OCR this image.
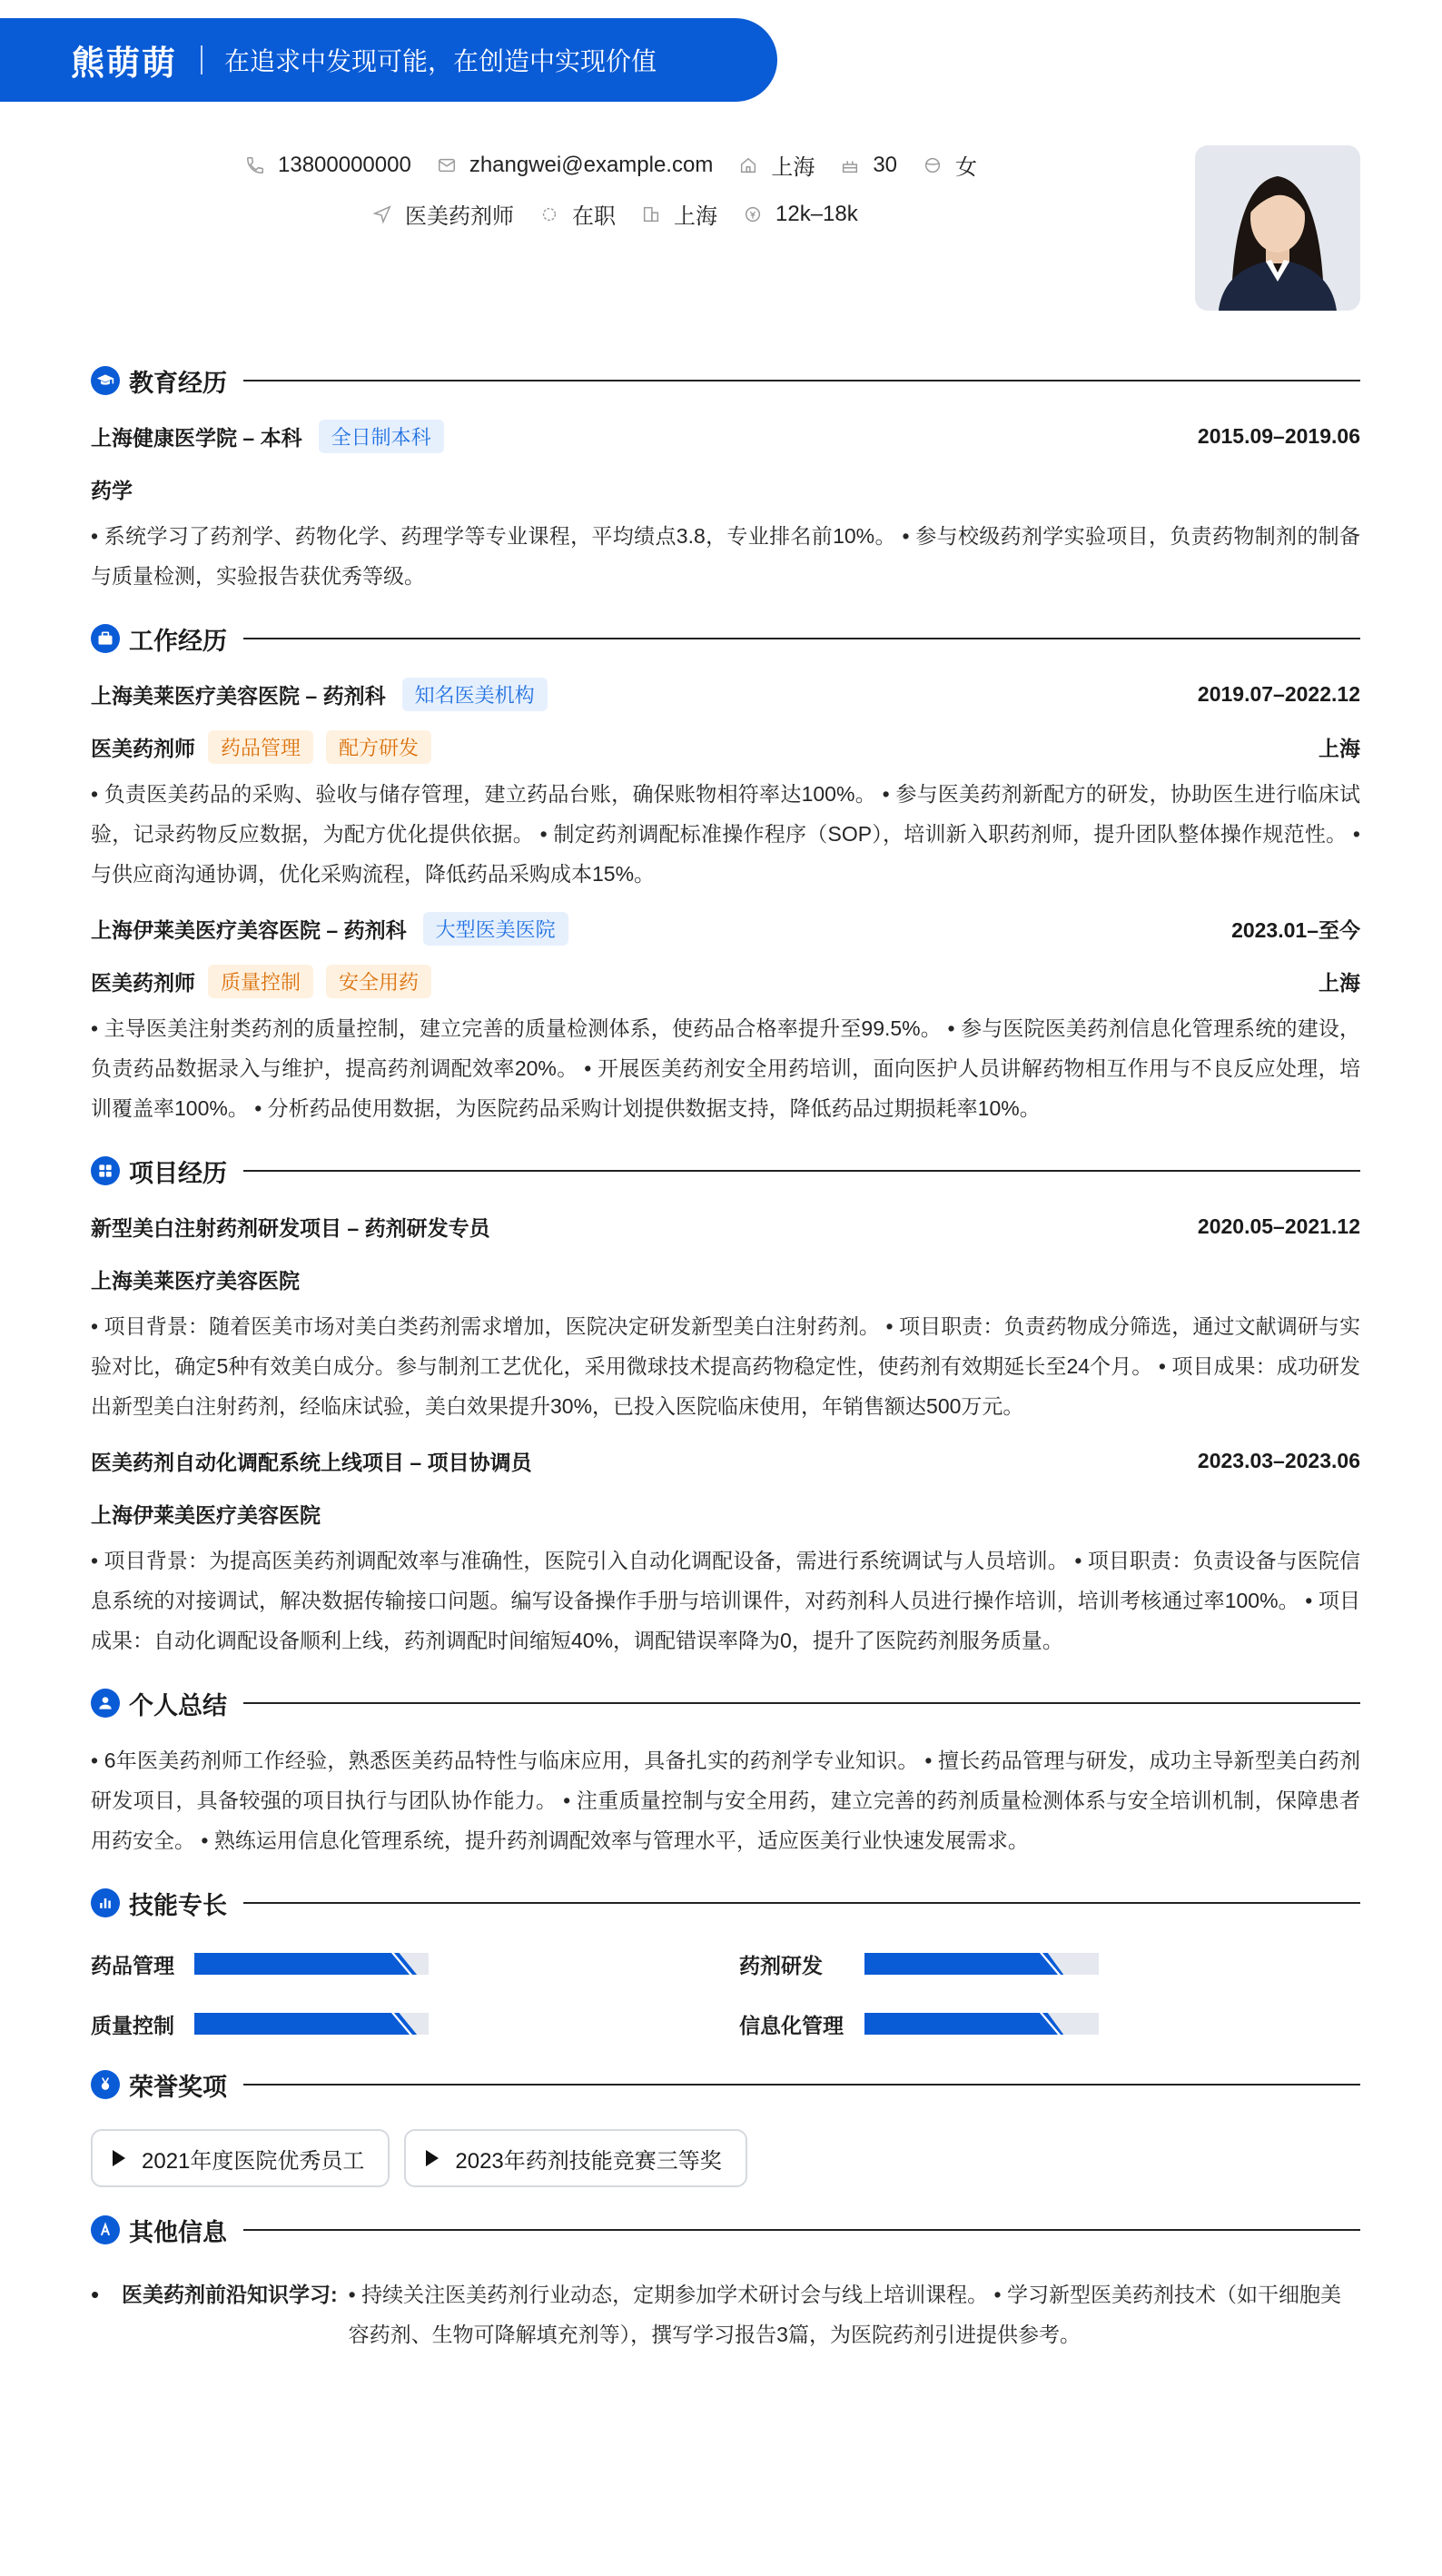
熊萌萌 在追求中发现可能，在创造中实现价值
13800000000	zhangwei@example.com	上海	30	女
医美药剂师	在职	上海	12k–18k
教育经历
上海健康医学院 – 本科	全日制本科	2015.09–2019.06
药学
• 系统学习了药剂学、药物化学、药理学等专业课程，平均绩点3.8，专业排名前10%。 • 参与校级药剂学实验项目，负责药物制剂的制备与质量检测，实验报告获优秀等级。
工作经历
上海美莱医疗美容医院 – 药剂科	知名医美机构	2019.07–2022.12
医美药剂师	药品管理	配方研发	上海
• 负责医美药品的采购、验收与储存管理，建立药品台账，确保账物相符率达100%。 • 参与医美药剂新配方的研发，协助医生进行临床试验，记录药物反应数据，为配方优化提供依据。 • 制定药剂调配标准操作程序（SOP），培训新入职药剂师，提升团队整体操作规范性。 • 与供应商沟通协调，优化采购流程，降低药品采购成本15%。
上海伊莱美医疗美容医院 – 药剂科	大型医美医院	2023.01–至今
医美药剂师	质量控制	安全用药	上海
• 主导医美注射类药剂的质量控制，建立完善的质量检测体系，使药品合格率提升至99.5%。 • 参与医院医美药剂信息化管理系统的建设，负责药品数据录入与维护，提高药剂调配效率20%。 • 开展医美药剂安全用药培训，面向医护人员讲解药物相互作用与不良反应处理，培训覆盖率100%。 • 分析药品使用数据，为医院药品采购计划提供数据支持，降低药品过期损耗率10%。
项目经历
新型美白注射药剂研发项目 – 药剂研发专员	2020.05–2021.12
上海美莱医疗美容医院
• 项目背景：随着医美市场对美白类药剂需求增加，医院决定研发新型美白注射药剂。 • 项目职责：负责药物成分筛选，通过文献调研与实验对比，确定5种有效美白成分。参与制剂工艺优化，采用微球技术提高药物稳定性，使药剂有效期延长至24个月。 • 项目成果：成功研发出新型美白注射药剂，经临床试验，美白效果提升30%，已投入医院临床使用，年销售额达500万元。
医美药剂自动化调配系统上线项目 – 项目协调员	2023.03–2023.06
上海伊莱美医疗美容医院
• 项目背景：为提高医美药剂调配效率与准确性，医院引入自动化调配设备，需进行系统调试与人员培训。 • 项目职责：负责设备与医院信息系统的对接调试，解决数据传输接口问题。编写设备操作手册与培训课件，对药剂科人员进行操作培训，培训考核通过率100%。 • 项目成果：自动化调配设备顺利上线，药剂调配时间缩短40%，调配错误率降为0，提升了医院药剂服务质量。
个人总结
• 6年医美药剂师工作经验，熟悉医美药品特性与临床应用，具备扎实的药剂学专业知识。 • 擅长药品管理与研发，成功主导新型美白药剂研发项目，具备较强的项目执行与团队协作能力。 • 注重质量控制与安全用药，建立完善的药剂质量检测体系与安全培训机制，保障患者用药安全。 • 熟练运用信息化管理系统，提升药剂调配效率与管理水平，适应医美行业快速发展需求。
技能专长
药品管理	药剂研发
质量控制	信息化管理
荣誉奖项
2021年度医院优秀员工	2023年药剂技能竞赛三等奖
其他信息
•	医美药剂前沿知识学习: • 持续关注医美药剂行业动态，定期参加学术研讨会与线上培训课程。 • 学习新型医美药剂技术（如干细胞美容药剂、生物可降解填充剂等），撰写学习报告3篇，为医院药剂引进提供参考。
